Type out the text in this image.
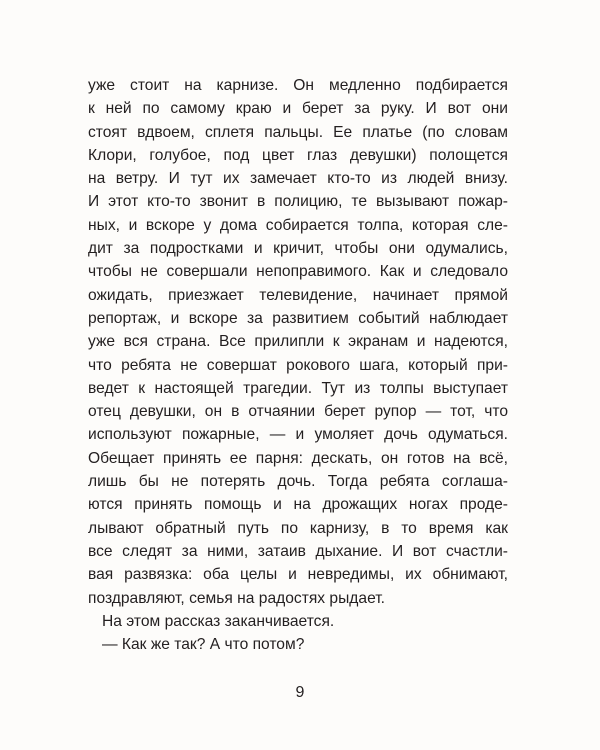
уже стоит на карнизе. Он медленно подбирается
к ней по самому краю и берет за руку. И вот они
стоят вдвоем, сплетя пальцы. Ее платье (по словам
Клори, голубое, под цвет глаз девушки) полощется
на ветру. И тут их замечает кто-то из людей внизу.
И этот кто-то звонит в полицию, те вызывают пожар-
ных, и вскоре у дома собирается толпа, которая сле-
дит за подростками и кричит, чтобы они одумались,
чтобы не совершали непоправимого. Как и следовало
ожидать, приезжает телевидение, начинает прямой
репортаж, и вскоре за развитием событий наблюдает
уже вся страна. Все прилипли к экранам и надеются,
что ребята не совершат рокового шага, который при-
ведет к настоящей трагедии. Тут из толпы выступает
отец девушки, он в отчаянии берет рупор — тот, что
используют пожарные, — и умоляет дочь одуматься.
Обещает принять ее парня: дескать, он готов на всё,
лишь бы не потерять дочь. Тогда ребята соглаша-
ются принять помощь и на дрожащих ногах проде-
лывают обратный путь по карнизу, в то время как
все следят за ними, затаив дыхание. И вот счастли-
вая развязка: оба целы и невредимы, их обнимают,
поздравляют, семья на радостях рыдает.
На этом рассказ заканчивается.
— Как же так? А что потом?
9
